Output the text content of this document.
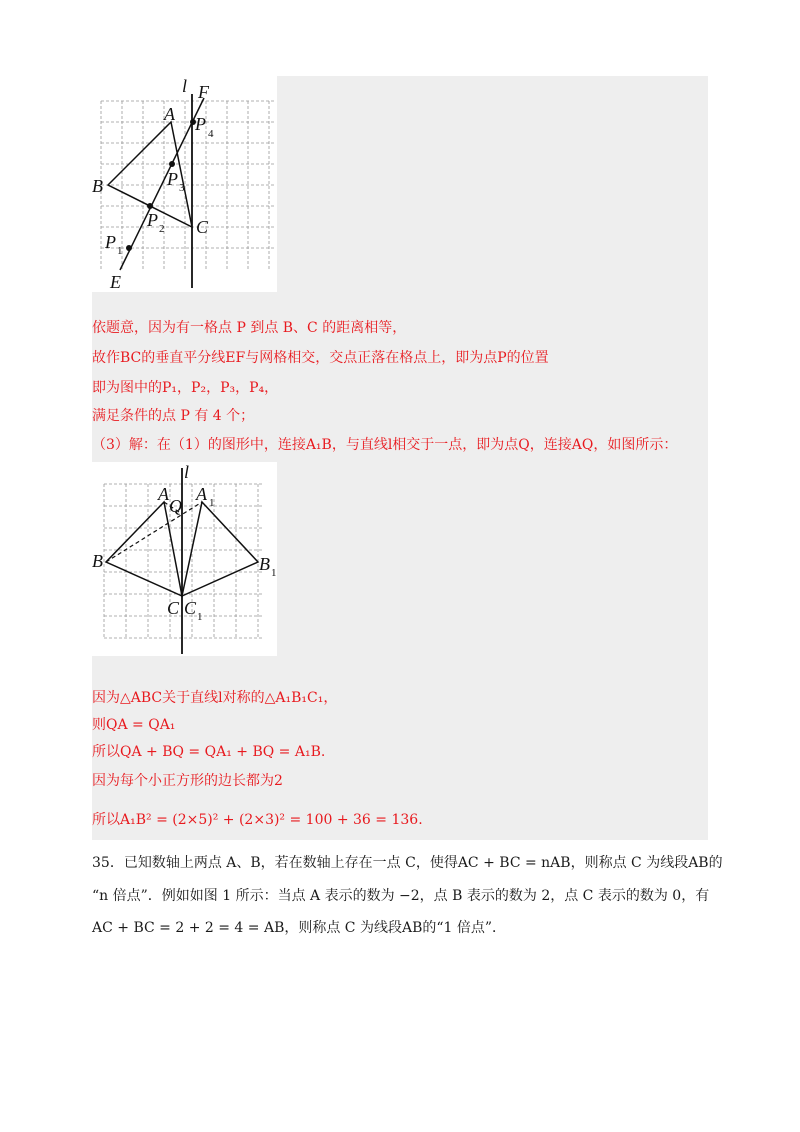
l F
A P 4
P 3
B
P 2 C
P 1
E
依题意，因为有一格点 P 到点 B、C 的距离相等，
故作BC的垂直平分线EF与网格相交，交点正落在格点上，即为点P的位置
即为图中的P₁，P₂，P₃，P₄，
满足条件的点 P 有 4 个；
（3）解：在（1）的图形中，连接A₁B，与直线l相交于一点，即为点Q，连接AQ，如图所示：
l
A
Q
A 1
B	B 1
C C 1
因为△ABC关于直线l对称的△A₁B₁C₁，
则QA = QA₁
所以QA + BQ = QA₁ + BQ = A₁B.
因为每个小正方形的边长都为2
所以A₁B² = (2×5)² + (2×3)² = 100 + 36 = 136.
35．已知数轴上两点 A、B，若在数轴上存在一点 C，使得AC + BC = nAB，则称点 C 为线段AB的
“n 倍点”．例如如图 1 所示：当点 A 表示的数为 −2，点 B 表示的数为 2，点 C 表示的数为 0，有
AC + BC = 2 + 2 = 4 = AB，则称点 C 为线段AB的“1 倍点”．
